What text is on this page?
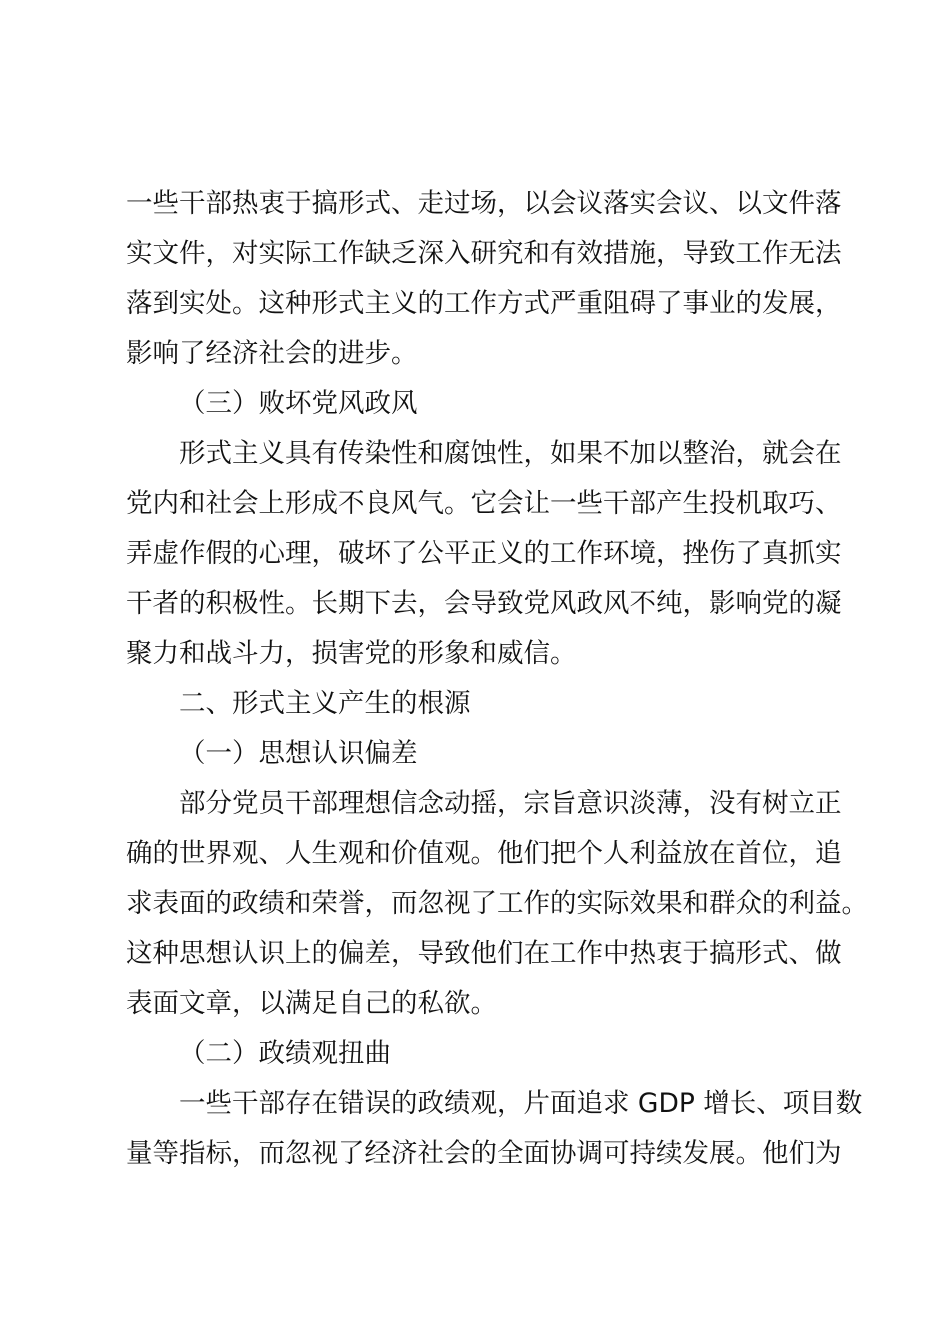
一些干部热衷于搞形式、走过场，以会议落实会议、以文件落

实文件，对实际工作缺乏深入研究和有效措施，导致工作无法

落到实处。这种形式主义的工作方式严重阻碍了事业的发展，

影响了经济社会的进步。

（三）败坏党风政风

形式主义具有传染性和腐蚀性，如果不加以整治，就会在

党内和社会上形成不良风气。它会让一些干部产生投机取巧、

弄虚作假的心理，破坏了公平正义的工作环境，挫伤了真抓实

干者的积极性。长期下去，会导致党风政风不纯，影响党的凝

聚力和战斗力，损害党的形象和威信。

二、形式主义产生的根源

（一）思想认识偏差

部分党员干部理想信念动摇，宗旨意识淡薄，没有树立正

确的世界观、人生观和价值观。他们把个人利益放在首位，追

求表面的政绩和荣誉，而忽视了工作的实际效果和群众的利益。

这种思想认识上的偏差，导致他们在工作中热衷于搞形式、做

表面文章，以满足自己的私欲。

（二）政绩观扭曲

一些干部存在错误的政绩观，片面追求 GDP 增长、项目数

量等指标，而忽视了经济社会的全面协调可持续发展。他们为
